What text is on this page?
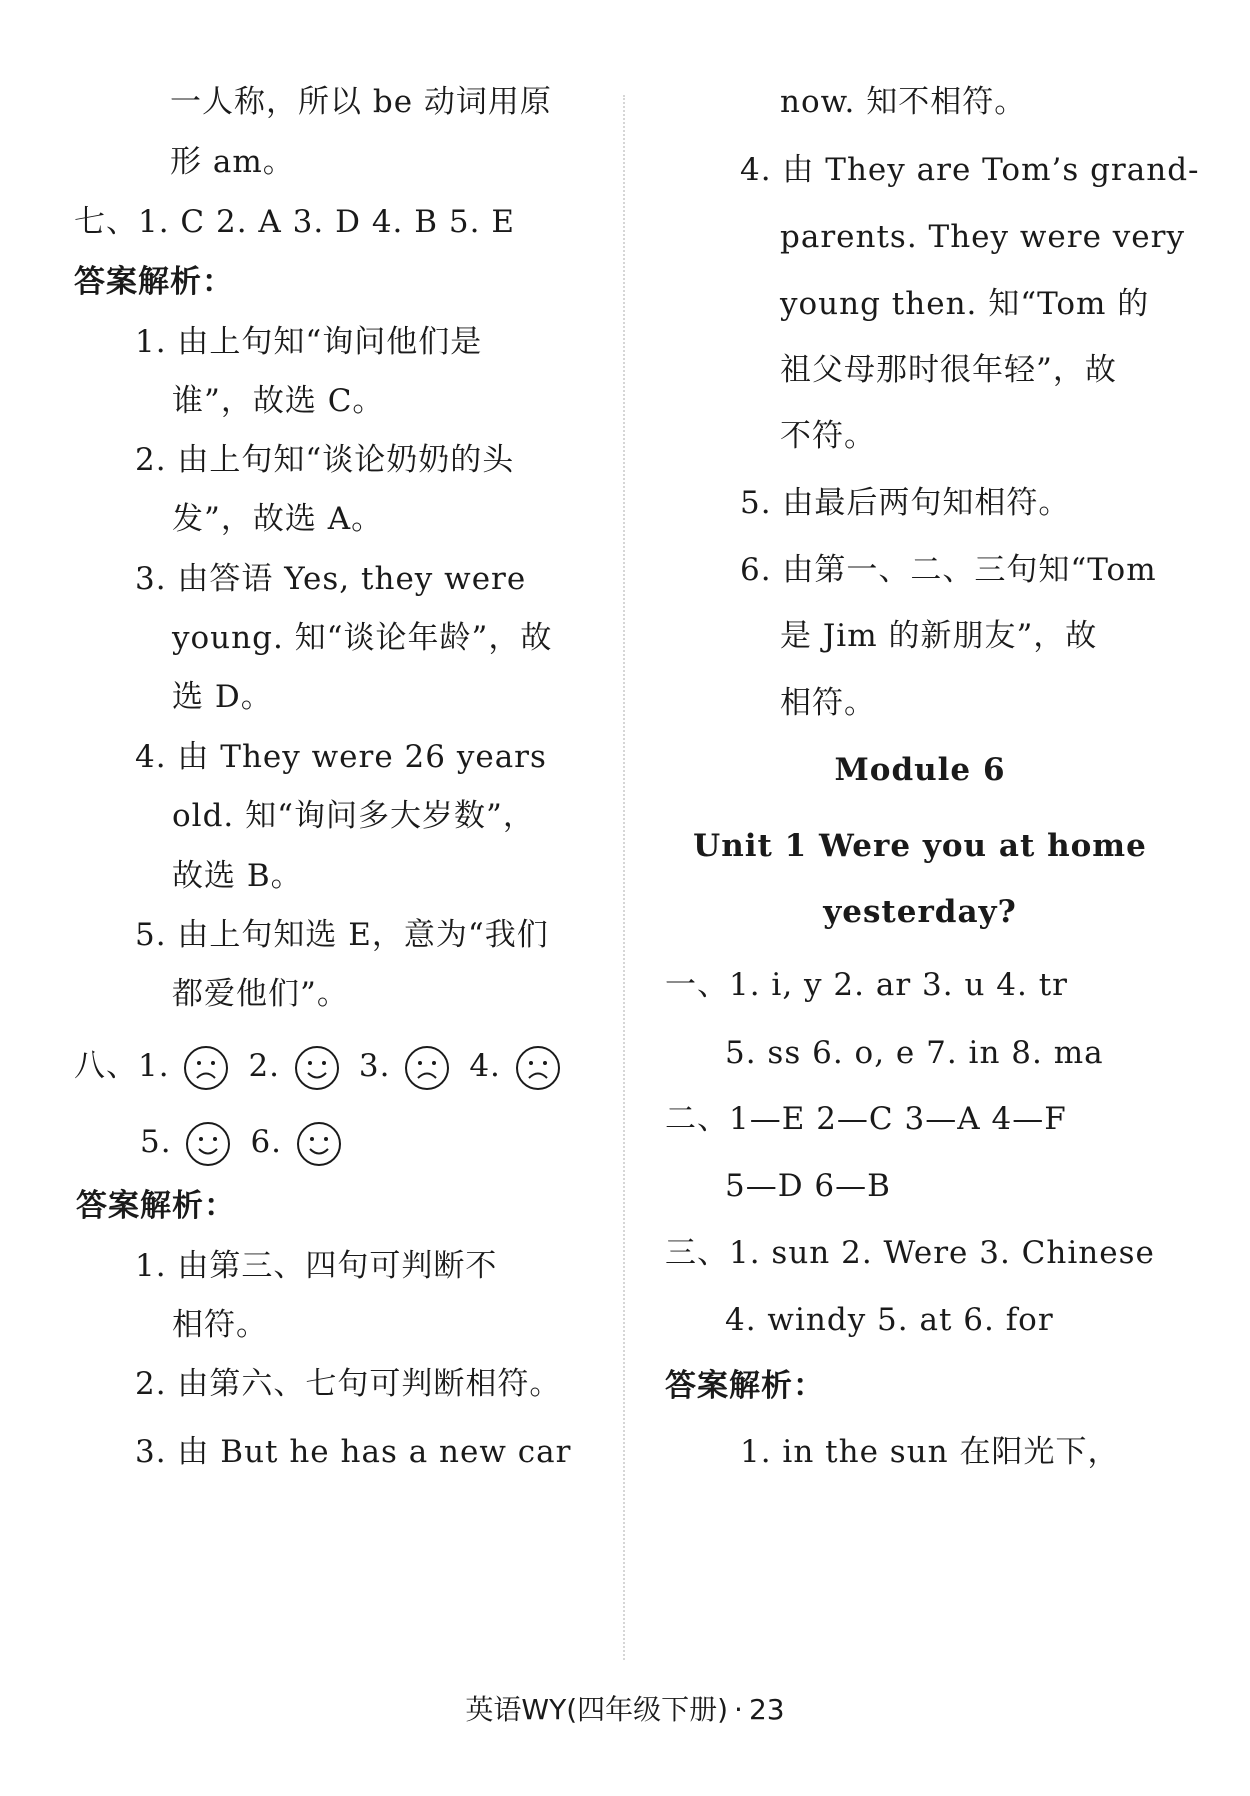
一人称，所以 be 动词用原
形 am。
七、1. C 2. A 3. D 4. B 5. E
答案解析：
1. 由上句知“询问他们是
谁”，故选 C。
2. 由上句知“谈论奶奶的头
发”，故选 A。
3. 由答语 Yes, they were
young. 知“谈论年龄”，故
选 D。
4. 由 They were 26 years
old. 知“询问多大岁数”，
故选 B。
5. 由上句知选 E，意为“我们
都爱他们”。
八、1.	2.	3.	4.
5.	6.
答案解析：
1. 由第三、四句可判断不
相符。
2. 由第六、七句可判断相符。
3. 由 But he has a new car
now. 知不相符。
4. 由 They are Tom’s grand-
parents. They were very
young then. 知“Tom 的
祖父母那时很年轻”，故
不符。
5. 由最后两句知相符。
6. 由第一、二、三句知“Tom
是 Jim 的新朋友”，故
相符。
Module 6
Unit 1 Were you at home
yesterday?
一、1. i, y 2. ar 3. u 4. tr
5. ss 6. o, e 7. in 8. ma
二、1—E 2—C 3—A 4—F
5—D 6—B
三、1. sun 2. Were 3. Chinese
4. windy 5. at 6. for
答案解析：
1. in the sun 在阳光下，
英语WY(四年级下册) · 23
